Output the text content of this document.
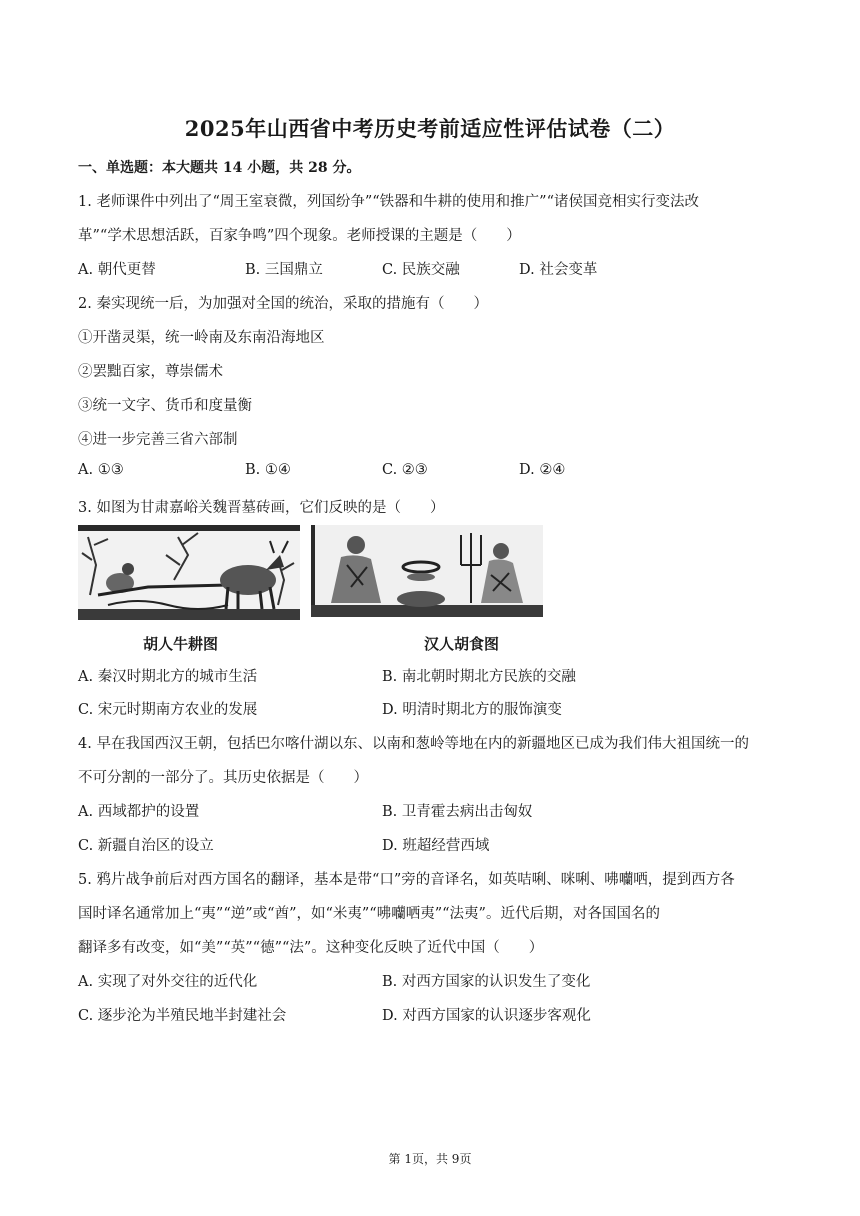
2025年山西省中考历史考前适应性评估试卷（二）
一、单选题：本大题共 14 小题，共 28 分。
1. 老师课件中列出了“周王室衰微，列国纷争”“铁器和牛耕的使用和推广”“诸侯国竞相实行变法改
革”“学术思想活跃，百家争鸣”四个现象。老师授课的主题是（　　）
A. 朝代更替	B. 三国鼎立	C. 民族交融	D. 社会变革
2. 秦实现统一后，为加强对全国的统治，采取的措施有（　　）
①开凿灵渠，统一岭南及东南沿海地区
②罢黜百家，尊崇儒术
③统一文字、货币和度量衡
④进一步完善三省六部制
A. ①③	B. ①④	C. ②③	D. ②④
3. 如图为甘肃嘉峪关魏晋墓砖画，它们反映的是（　　）
胡人牛耕图	汉人胡食图
A. 秦汉时期北方的城市生活	B. 南北朝时期北方民族的交融
C. 宋元时期南方农业的发展	D. 明清时期北方的服饰演变
4. 早在我国西汉王朝，包括巴尔喀什湖以东、以南和葱岭等地在内的新疆地区已成为我们伟大祖国统一的
不可分割的一部分了。其历史依据是（　　）
A. 西域都护的设置	B. 卫青霍去病出击匈奴
C. 新疆自治区的设立	D. 班超经营西域
5. 鸦片战争前后对西方国名的翻译，基本是带“口”旁的音译名，如英咭唎、咪唎、咈囒哂，提到西方各
国时译名通常加上“夷”“逆”或“酋”，如“米夷”“咈囒哂夷”“法夷”。近代后期，对各国国名的
翻译多有改变，如“美”“英”“德”“法”。这种变化反映了近代中国（　　）
A. 实现了对外交往的近代化	B. 对西方国家的认识发生了变化
C. 逐步沦为半殖民地半封建社会	D. 对西方国家的认识逐步客观化
第 1页，共 9页
